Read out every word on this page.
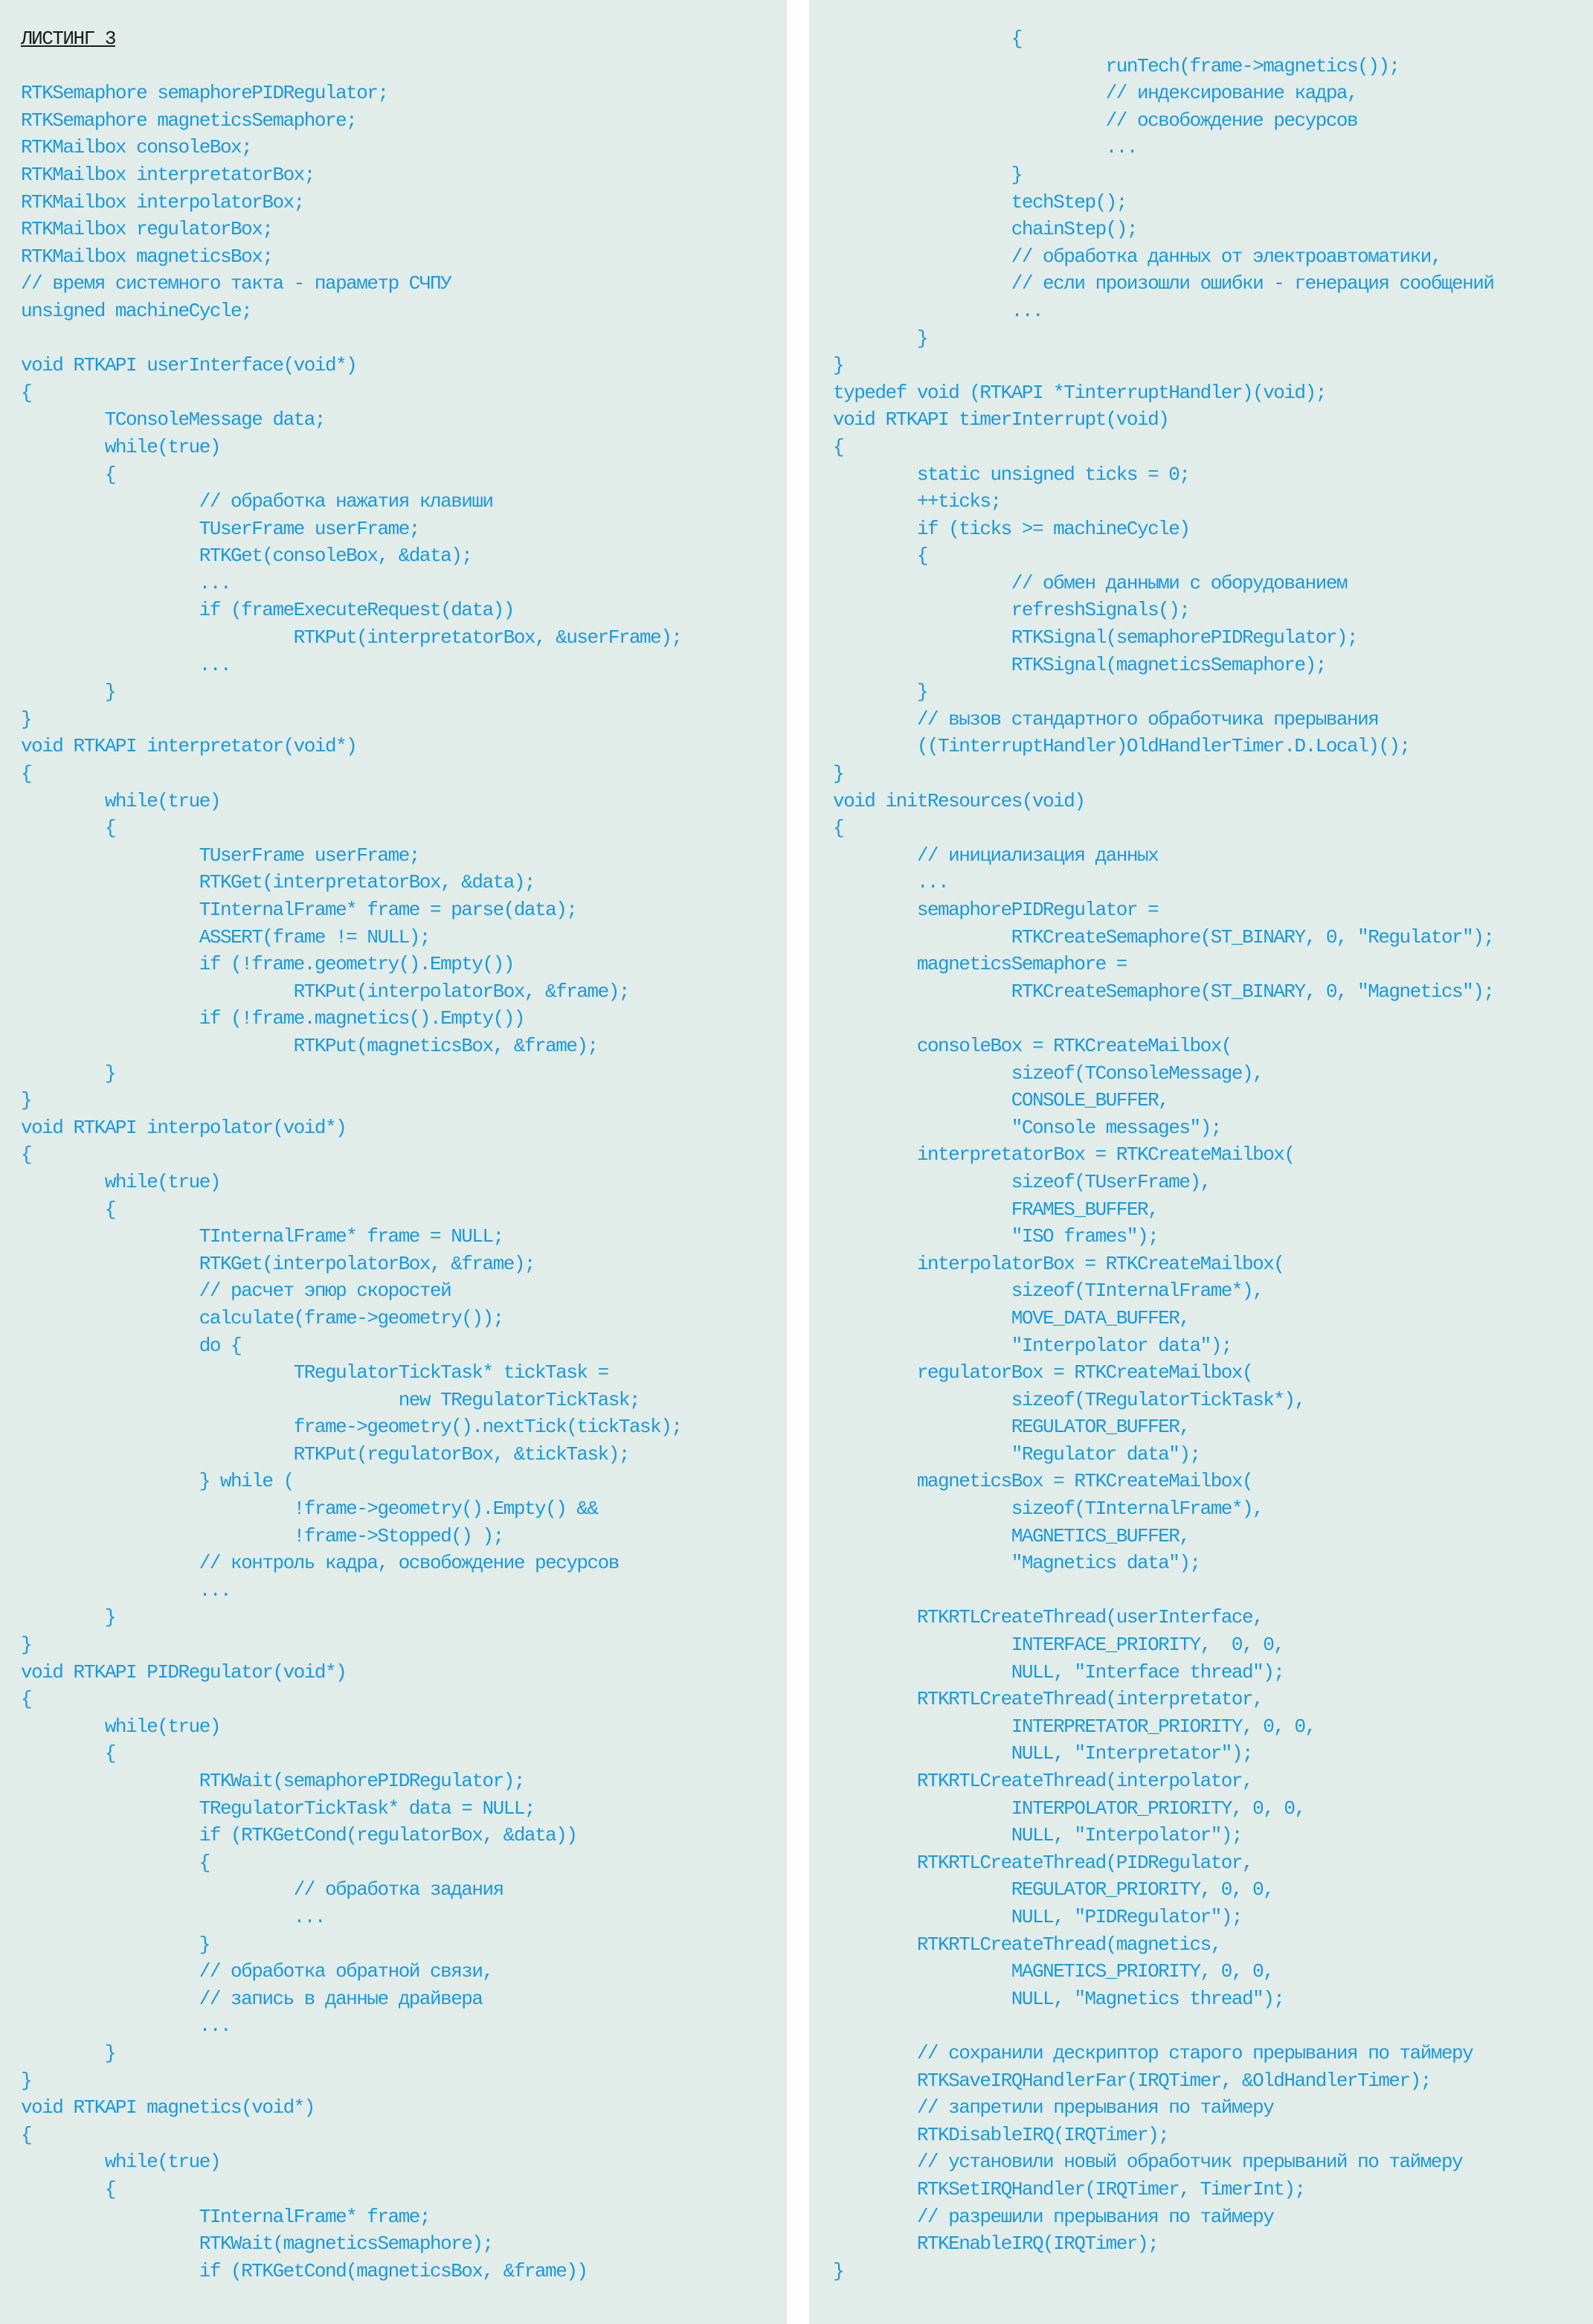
ЛИСТИНГ 3
RTKSemaphore semaphorePIDRegulator;
RTKSemaphore magneticsSemaphore;
RTKMailbox consoleBox;
RTKMailbox interpretatorBox;
RTKMailbox interpolatorBox;
RTKMailbox regulatorBox;
RTKMailbox magneticsBox;
// время системного такта - параметр СЧПУ
unsigned machineCycle;
void RTKAPI userInterface(void*)
{
TConsoleMessage data;
while(true)
{
// обработка нажатия клавиши
TUserFrame userFrame;
RTKGet(consoleBox, &data);
...
if (frameExecuteRequest(data))
RTKPut(interpretatorBox, &userFrame);
...
}
}
void RTKAPI interpretator(void*)
{
while(true)
{
TUserFrame userFrame;
RTKGet(interpretatorBox, &data);
TInternalFrame* frame = parse(data);
ASSERT(frame != NULL);
if (!frame.geometry().Empty())
RTKPut(interpolatorBox, &frame);
if (!frame.magnetics().Empty())
RTKPut(magneticsBox, &frame);
}
}
void RTKAPI interpolator(void*)
{
while(true)
{
TInternalFrame* frame = NULL;
RTKGet(interpolatorBox, &frame);
// расчет эпюр скоростей
calculate(frame->geometry());
do {
TRegulatorTickTask* tickTask =
new TRegulatorTickTask;
frame->geometry().nextTick(tickTask);
RTKPut(regulatorBox, &tickTask);
} while (
!frame->geometry().Empty() &&
!frame->Stopped() );
// контроль кадра, освобождение ресурсов
...
}
}
void RTKAPI PIDRegulator(void*)
{
while(true)
{
RTKWait(semaphorePIDRegulator);
TRegulatorTickTask* data = NULL;
if (RTKGetCond(regulatorBox, &data))
{
// обработка задания
...
}
// обработка обратной связи,
// запись в данные драйвера
...
}
}
void RTKAPI magnetics(void*)
{
while(true)
{
TInternalFrame* frame;
RTKWait(magneticsSemaphore);
if (RTKGetCond(magneticsBox, &frame))
{
runTech(frame->magnetics());
// индексирование кадра,
// освобождение ресурсов
...
}
techStep();
chainStep();
// обработка данных от электроавтоматики,
// если произошли ошибки - генерация сообщений
...
}
}
typedef void (RTKAPI *TinterruptHandler)(void);
void RTKAPI timerInterrupt(void)
{
static unsigned ticks = 0;
++ticks;
if (ticks >= machineCycle)
{
// обмен данными с оборудованием
refreshSignals();
RTKSignal(semaphorePIDRegulator);
RTKSignal(magneticsSemaphore);
}
// вызов стандартного обработчика прерывания
((TinterruptHandler)OldHandlerTimer.D.Local)();
}
void initResources(void)
{
// инициализация данных
...
semaphorePIDRegulator =
RTKCreateSemaphore(ST_BINARY, 0, "Regulator");
magneticsSemaphore =
RTKCreateSemaphore(ST_BINARY, 0, "Magnetics");
consoleBox = RTKCreateMailbox(
sizeof(TConsoleMessage),
CONSOLE_BUFFER,
"Console messages");
interpretatorBox = RTKCreateMailbox(
sizeof(TUserFrame),
FRAMES_BUFFER,
"ISO frames");
interpolatorBox = RTKCreateMailbox(
sizeof(TInternalFrame*),
MOVE_DATA_BUFFER,
"Interpolator data");
regulatorBox = RTKCreateMailbox(
sizeof(TRegulatorTickTask*),
REGULATOR_BUFFER,
"Regulator data");
magneticsBox = RTKCreateMailbox(
sizeof(TInternalFrame*),
MAGNETICS_BUFFER,
"Magnetics data");
RTKRTLCreateThread(userInterface,
INTERFACE_PRIORITY,  0, 0,
NULL, "Interface thread");
RTKRTLCreateThread(interpretator,
INTERPRETATOR_PRIORITY, 0, 0,
NULL, "Interpretator");
RTKRTLCreateThread(interpolator,
INTERPOLATOR_PRIORITY, 0, 0,
NULL, "Interpolator");
RTKRTLCreateThread(PIDRegulator,
REGULATOR_PRIORITY, 0, 0,
NULL, "PIDRegulator");
RTKRTLCreateThread(magnetics,
MAGNETICS_PRIORITY, 0, 0,
NULL, "Magnetics thread");
// сохранили дескриптор старого прерывания по таймеру
RTKSaveIRQHandlerFar(IRQTimer, &OldHandlerTimer);
// запретили прерывания по таймеру
RTKDisableIRQ(IRQTimer);
// установили новый обработчик прерываний по таймеру
RTKSetIRQHandler(IRQTimer, TimerInt);
// разрешили прерывания по таймеру
RTKEnableIRQ(IRQTimer);
}
